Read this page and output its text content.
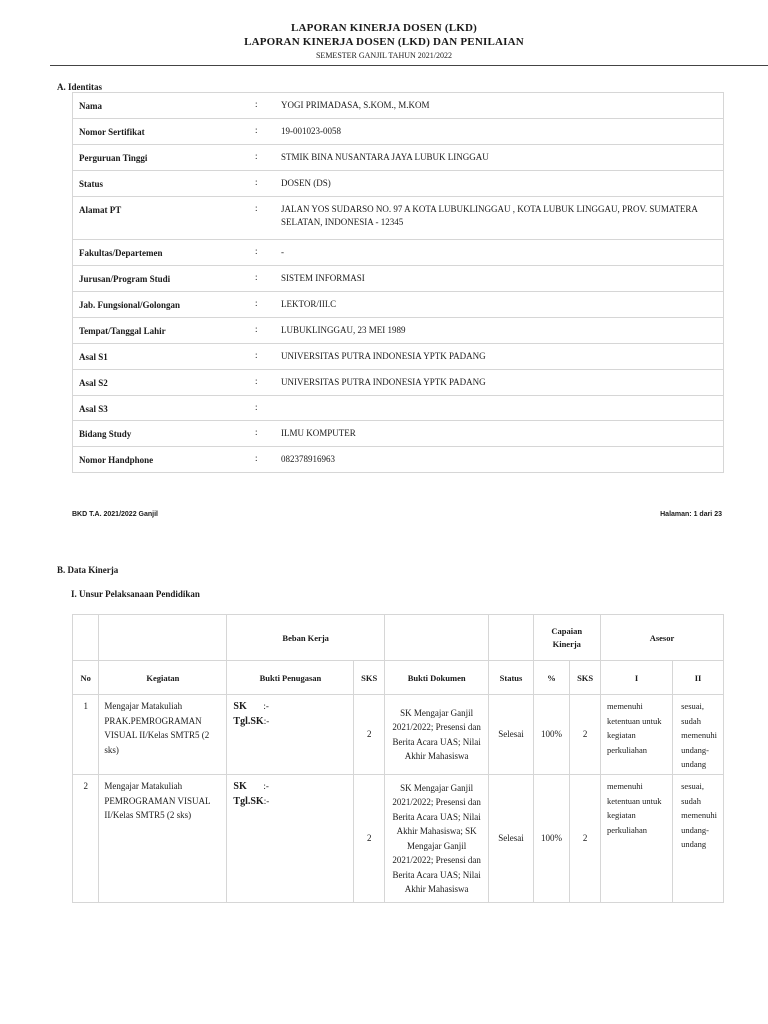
LAPORAN KINERJA DOSEN (LKD)
LAPORAN KINERJA DOSEN (LKD) DAN PENILAIAN
SEMESTER GANJIL TAHUN 2021/2022
A. Identitas
Nama	:	YOGI PRIMADASA, S.KOM., M.KOM
Nomor Sertifikat	:	19-001023-0058
Perguruan Tinggi	:	STMIK BINA NUSANTARA JAYA LUBUK LINGGAU
Status	:	DOSEN (DS)
Alamat PT	:	JALAN YOS SUDARSO NO. 97 A KOTA LUBUKLINGGAU , KOTA LUBUK LINGGAU, PROV. SUMATERA SELATAN, INDONESIA - 12345
Fakultas/Departemen	:	-
Jurusan/Program Studi	:	SISTEM INFORMASI
Jab. Fungsional/Golongan	:	LEKTOR/III.C
Tempat/Tanggal Lahir	:	LUBUKLINGGAU, 23 MEI 1989
Asal S1	:	UNIVERSITAS PUTRA INDONESIA YPTK PADANG
Asal S2	:	UNIVERSITAS PUTRA INDONESIA YPTK PADANG
Asal S3	:	
Bidang Study	:	ILMU KOMPUTER
Nomor Handphone	:	082378916963
BKD T.A. 2021/2022 Ganjil	Halaman: 1 dari 23
B. Data Kinerja
I. Unsur Pelaksanaan Pendidikan
		Beban Kerja				Capaian Kinerja		Asesor	
No	Kegiatan	Bukti Penugasan	SKS	Bukti Dokumen	Status	%	SKS	I	II
1	Mengajar Matakuliah PRAK.PEMROGRAMAN VISUAL II/Kelas SMTR5 (2 sks)	SK :-
Tgl.SK:-	2	SK Mengajar Ganjil 2021/2022; Presensi dan Berita Acara UAS; Nilai Akhir Mahasiswa	Selesai	100%	2	memenuhi ketentuan untuk kegiatan perkuliahan	sesuai, sudah memenuhi undang-undang
2	Mengajar Matakuliah PEMROGRAMAN VISUAL II/Kelas SMTR5 (2 sks)	SK :-
Tgl.SK:-	2	SK Mengajar Ganjil 2021/2022; Presensi dan Berita Acara UAS; Nilai Akhir Mahasiswa; SK Mengajar Ganjil 2021/2022; Presensi dan Berita Acara UAS; Nilai Akhir Mahasiswa	Selesai	100%	2	memenuhi ketentuan untuk kegiatan perkuliahan	sesuai, sudah memenuhi undang-undang
